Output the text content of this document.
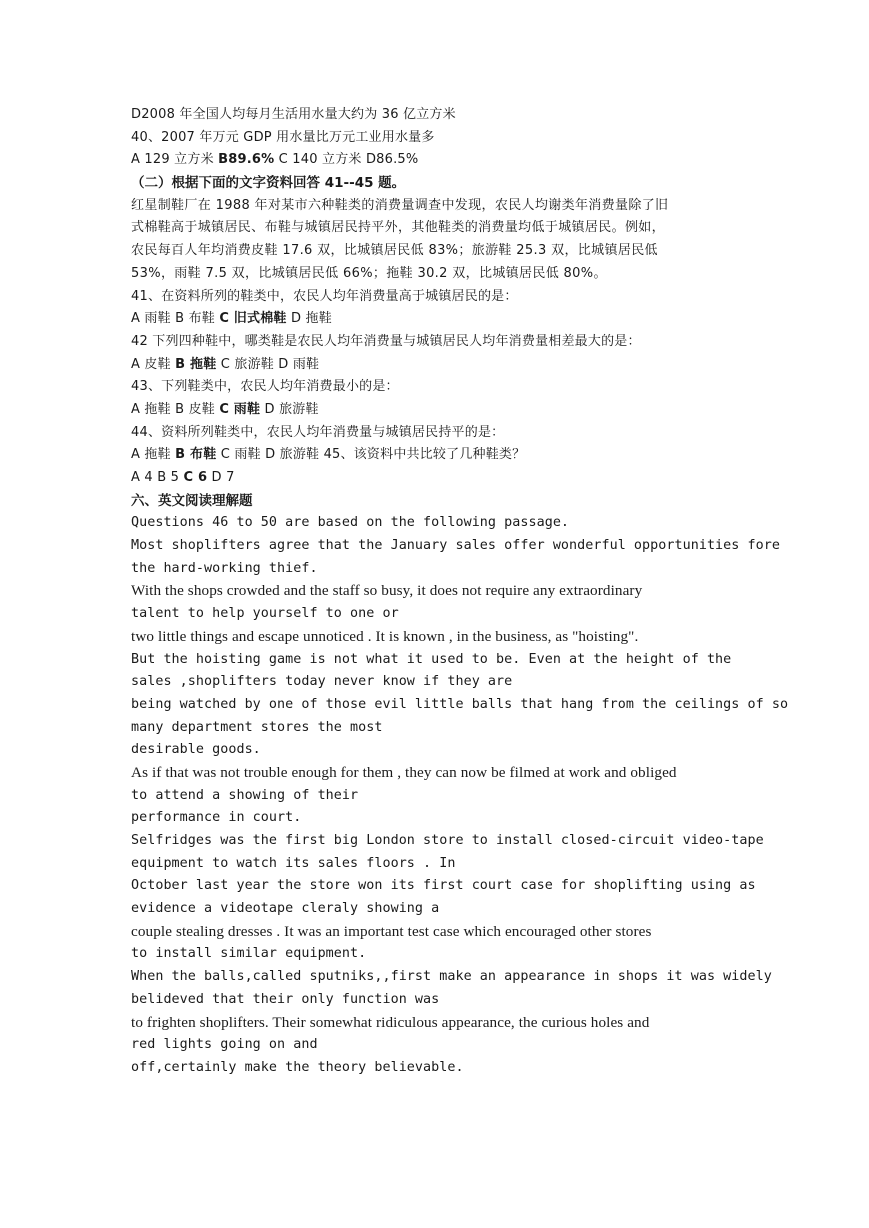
D2008 年全国人均每月生活用水量大约为 36 亿立方米
40、2007 年万元 GDP 用水量比万元工业用水量多
A 129 立方米 B89.6% C 140 立方米 D86.5%
（二）根据下面的文字资料回答 41--45 题。
红星制鞋厂在 1988 年对某市六种鞋类的消费量调查中发现，农民人均谢类年消费量除了旧
式棉鞋高于城镇居民、布鞋与城镇居民持平外，其他鞋类的消费量均低于城镇居民。例如，
农民每百人年均消费皮鞋 17.6 双，比城镇居民低 83%；旅游鞋 25.3 双，比城镇居民低
53%，雨鞋 7.5 双，比城镇居民低 66%；拖鞋 30.2 双，比城镇居民低 80%。
41、在资料所列的鞋类中，农民人均年消费量高于城镇居民的是：
A 雨鞋 B 布鞋 C 旧式棉鞋 D 拖鞋
42 下列四种鞋中，哪类鞋是农民人均年消费量与城镇居民人均年消费量相差最大的是：
A 皮鞋 B 拖鞋 C 旅游鞋 D 雨鞋
43、下列鞋类中，农民人均年消费最小的是：
A 拖鞋 B 皮鞋 C 雨鞋 D 旅游鞋
44、资料所列鞋类中，农民人均年消费量与城镇居民持平的是：
A 拖鞋 B 布鞋 C 雨鞋 D 旅游鞋 45、该资料中共比较了几种鞋类？
A 4 B 5 C 6 D 7
六、英文阅读理解题
Questions 46 to 50 are based on the following passage.
Most shoplifters agree that the January sales offer wonderful opportunities fore
the hard-working thief.
With the shops crowded and the staff so busy, it does not require any extraordinary
talent to help yourself to one or
two little things and escape unnoticed . It is known , in the business, as "hoisting".
But the hoisting game is not what it used to be. Even at the height of the
sales ,shoplifters today never know if they are
being watched by one of those evil little balls that hang from the ceilings of so
many department stores the most
desirable goods.
As if that was not trouble enough for them , they can now be filmed at work and obliged
to attend a showing of their
performance in court.
Selfridges was the first big London store to install closed-circuit video-tape
equipment to watch its sales floors . In
October last year the store won its first court case for shoplifting using as
evidence a videotape cleraly showing a
couple stealing dresses . It was an important test case which encouraged other stores
to install similar equipment.
When the balls,called sputniks,,first make an appearance in shops it was widely
belideved that their only function was
to frighten shoplifters. Their somewhat ridiculous appearance, the curious holes and
red lights going on and
off,certainly make the theory believable.
